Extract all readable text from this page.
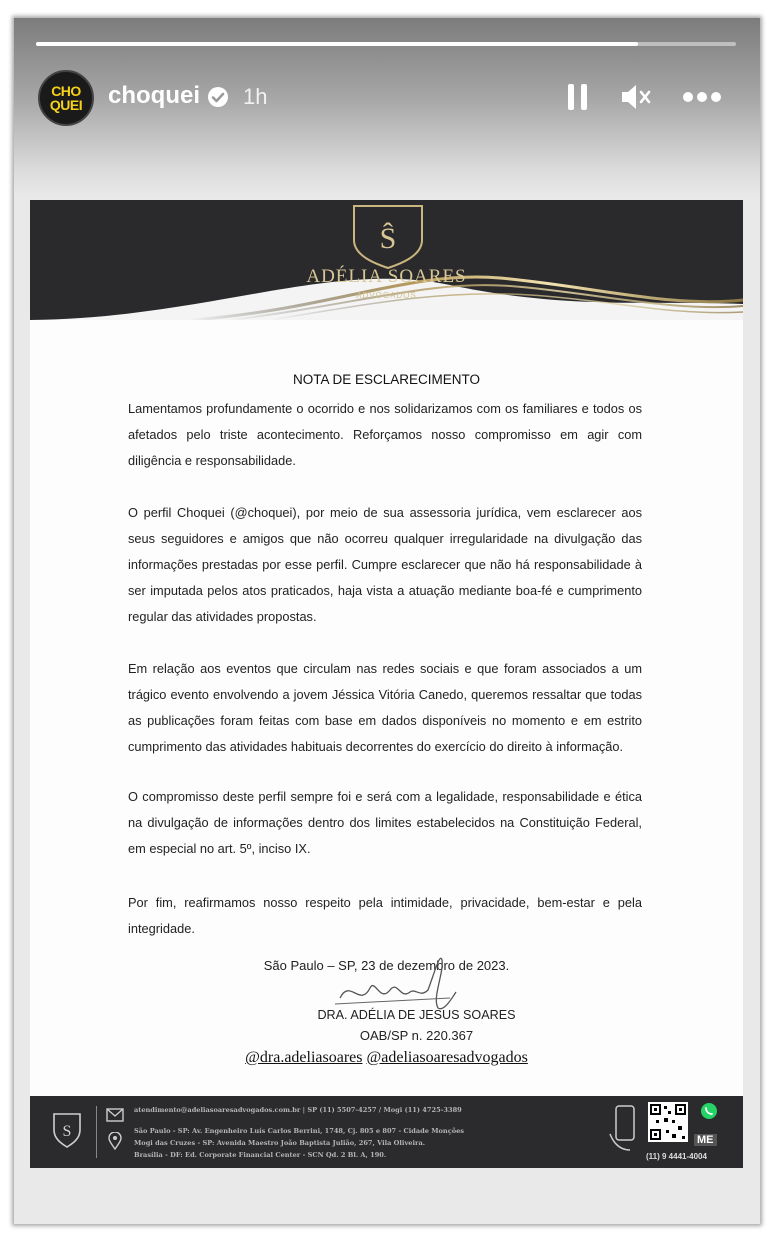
CHO QUEI choquei 1h
Ŝ
ADÉLIA SOARES
ADVOGADOS
NOTA DE ESCLARECIMENTO
Lamentamos profundamente o ocorrido e nos solidarizamos com os familiares e todos os afetados pelo triste acontecimento. Reforçamos nosso compromisso em agir com diligência e responsabilidade.
O perfil Choquei (@choquei), por meio de sua assessoria jurídica, vem esclarecer aos seus seguidores e amigos que não ocorreu qualquer irregularidade na divulgação das informações prestadas por esse perfil. Cumpre esclarecer que não há responsabilidade à ser imputada pelos atos praticados, haja vista a atuação mediante boa-fé e cumprimento regular das atividades propostas.
Em relação aos eventos que circulam nas redes sociais e que foram associados a um trágico evento envolvendo a jovem Jéssica Vitória Canedo, queremos ressaltar que todas as publicações foram feitas com base em dados disponíveis no momento e em estrito cumprimento das atividades habituais decorrentes do exercício do direito à informação.
O compromisso deste perfil sempre foi e será com a legalidade, responsabilidade e ética na divulgação de informações dentro dos limites estabelecidos na Constituição Federal, em especial no art. 5º, inciso IX.
Por fim, reafirmamos nosso respeito pela intimidade, privacidade, bem-estar e pela integridade.
São Paulo – SP, 23 de dezembro de 2023.
DRA. ADÉLIA DE JESUS SOARES
OAB/SP n. 220.367
@dra.adeliasoares @adeliasoaresadvogados
S
atendimento@adeliasoaresadvogados.com.br | SP (11) 5507-4257 / Mogi (11) 4725-3389
São Paulo - SP: Av. Engenheiro Luís Carlos Berrini, 1748, Cj. 805 e 807 - Cidade Monções
Mogi das Cruzes - SP: Avenida Maestro João Baptista Julião, 267, Vila Oliveira.
Brasília - DF: Ed. Corporate Financial Center - SCN Qd. 2 Bl. A, 190.
ME
(11) 9 4441-4004
